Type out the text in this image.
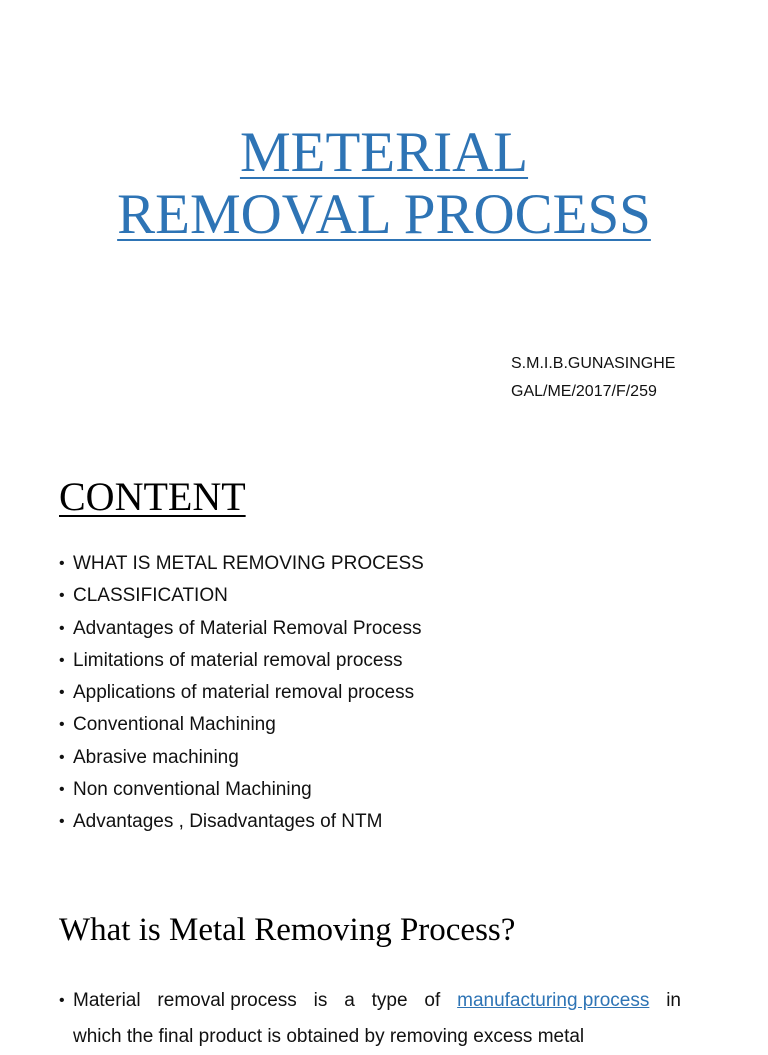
METERIAL
REMOVAL PROCESS
S.M.I.B.GUNASINGHE
GAL/ME/2017/F/259
CONTENT
• WHAT IS METAL REMOVING PROCESS
• CLASSIFICATION
• Advantages of Material Removal Process
• Limitations of material removal process
• Applications of material removal process
• Conventional Machining
• Abrasive machining
• Non conventional Machining
• Advantages , Disadvantages of NTM
What is Metal Removing Process?
• Material removal process is a type of manufacturing process in
which the final product is obtained by removing excess metal
